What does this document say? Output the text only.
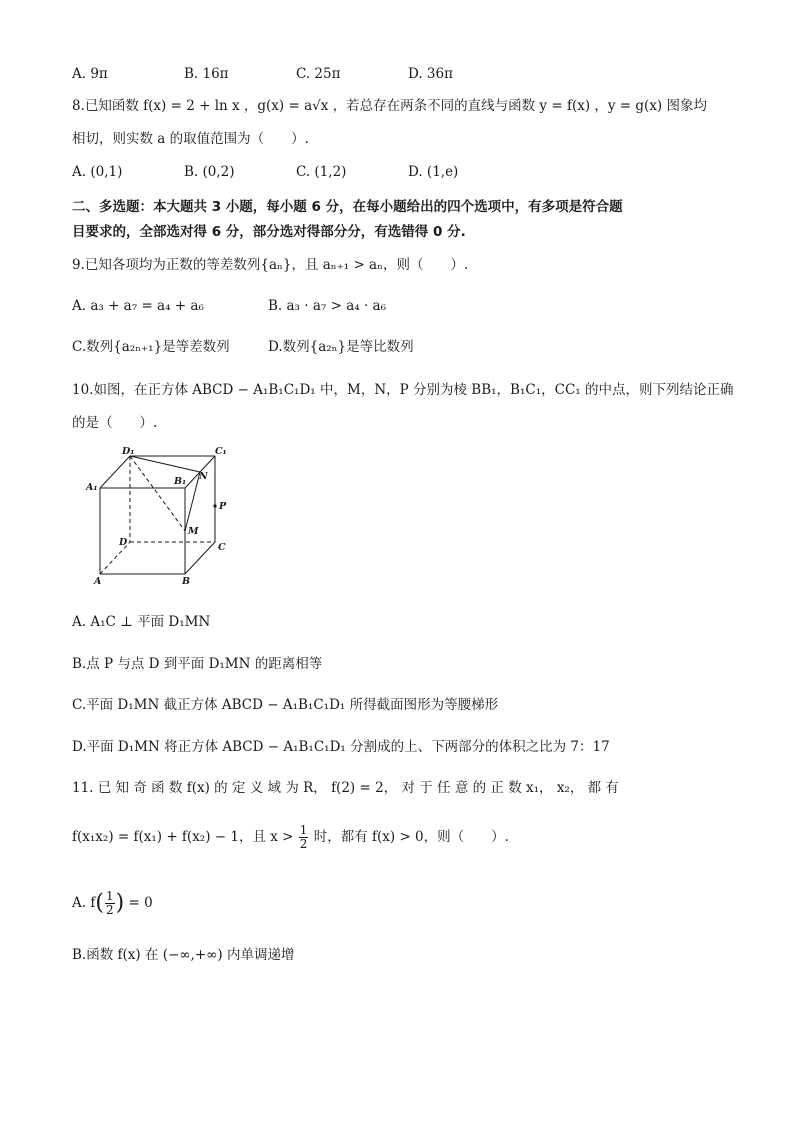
A. 9π	B. 16π	C. 25π	D. 36π
8.已知函数 f(x) = 2 + ln x ，g(x) = a√x ，若总存在两条不同的直线与函数 y = f(x) ，y = g(x) 图象均
相切，则实数 a 的取值范围为（　　）.
A. (0,1)	B. (0,2)	C. (1,2)	D. (1,e)
二、多选题：本大题共 3 小题，每小题 6 分，在每小题给出的四个选项中，有多项是符合题
目要求的，全部选对得 6 分，部分选对得部分分，有选错得 0 分.
9.已知各项均为正数的等差数列{aₙ}，且 aₙ₊₁ > aₙ，则（　　）.
A. a₃ + a₇ = a₄ + a₆	B. a₃ · a₇ > a₄ · a₆
C.数列{a₂ₙ₊₁}是等差数列	D.数列{a₂ₙ}是等比数列
10.如图，在正方体 ABCD − A₁B₁C₁D₁ 中，M，N，P 分别为棱 BB₁，B₁C₁，CC₁ 的中点，则下列结论正确
的是（　　）.
D₁	C₁
A₁
B₁ N
P
M
D	C
A	B
A. A₁C ⊥ 平面 D₁MN
B.点 P 与点 D 到平面 D₁MN 的距离相等
C.平面 D₁MN 截正方体 ABCD − A₁B₁C₁D₁ 所得截面图形为等腰梯形
D.平面 D₁MN 将正方体 ABCD − A₁B₁C₁D₁ 分割成的上、下两部分的体积之比为 7：17
11. 已 知 奇 函 数 f(x) 的 定 义 域 为 R， f(2) = 2， 对 于 任 意 的 正 数 x₁， x₂， 都 有
f(x₁x₂) = f(x₁) + f(x₂) − 1，且 $x > \frac{1}{2}$ 时，都有 f(x) > 0，则（　　）.
A. $f( \frac{1}{2}$ ) = 0
B.函数 f(x) 在 (−∞,+∞) 内单调递增
